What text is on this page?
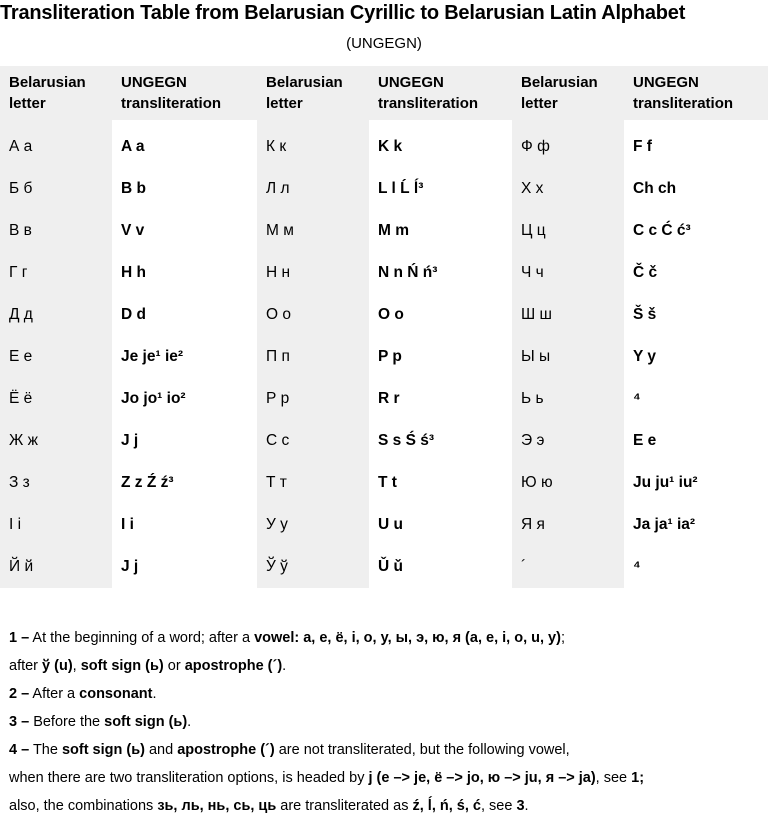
Transliteration Table from Belarusian Cyrillic to Belarusian Latin Alphabet
(UNGEGN)
Belarusian letter	UNGEGN transliteration	Belarusian letter	UNGEGN transliteration	Belarusian letter	UNGEGN transliteration
А а	A a	К к	K k	Ф ф	F f
Б б	B b	Л л	L l Ĺ ĺ³	Х х	Ch ch
В в	V v	М м	M m	Ц ц	C c Ć ć³
Г г	H h	Н н	N n Ń ń³	Ч ч	Č č
Д д	D d	О о	O o	Ш ш	Š š
Е е	Je je¹ ie²	П п	P p	Ы ы	Y y
Ё ё	Jo jo¹ io²	Р р	R r	Ь ь	⁴
Ж ж	J j	С с	S s Ś ś³	Э э	E e
З з	Z z Ź ź³	Т т	T t	Ю ю	Ju ju¹ iu²
І і	I i	У у	U u	Я я	Ja ja¹ ia²
Й й	J j	Ў ў	Ǔ ǔ	´	⁴
1 – At the beginning of a word; after a vowel: а, е, ё, і, о, у, ы, э, ю, я (a, e, i, o, u, y);
after ў (u), soft sign (ь) or apostrophe (´).
2 – After a consonant.
3 – Before the soft sign (ь).
4 – The soft sign (ь) and apostrophe (´) are not transliterated, but the following vowel,
when there are two transliteration options, is headed by j (е –> je, ё –> jo, ю –> ju, я –> ja), see 1;
also, the combinations зь, ль, нь, сь, ць are transliterated as ź, ĺ, ń, ś, ć, see 3.
